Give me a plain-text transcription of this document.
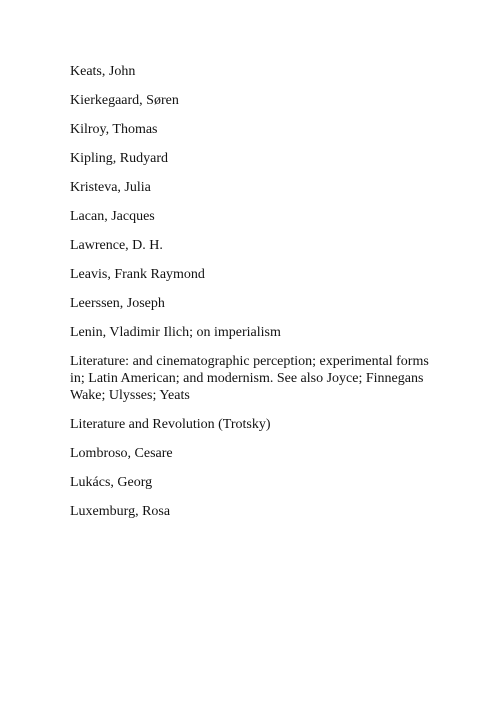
Keats, John
Kierkegaard, Søren
Kilroy, Thomas
Kipling, Rudyard
Kristeva, Julia
Lacan, Jacques
Lawrence, D. H.
Leavis, Frank Raymond
Leerssen, Joseph
Lenin, Vladimir Ilich; on imperialism
Literature: and cinematographic perception; experimental forms in; Latin American; and modernism. See also Joyce; Finnegans Wake; Ulysses; Yeats
Literature and Revolution (Trotsky)
Lombroso, Cesare
Lukács, Georg
Luxemburg, Rosa
